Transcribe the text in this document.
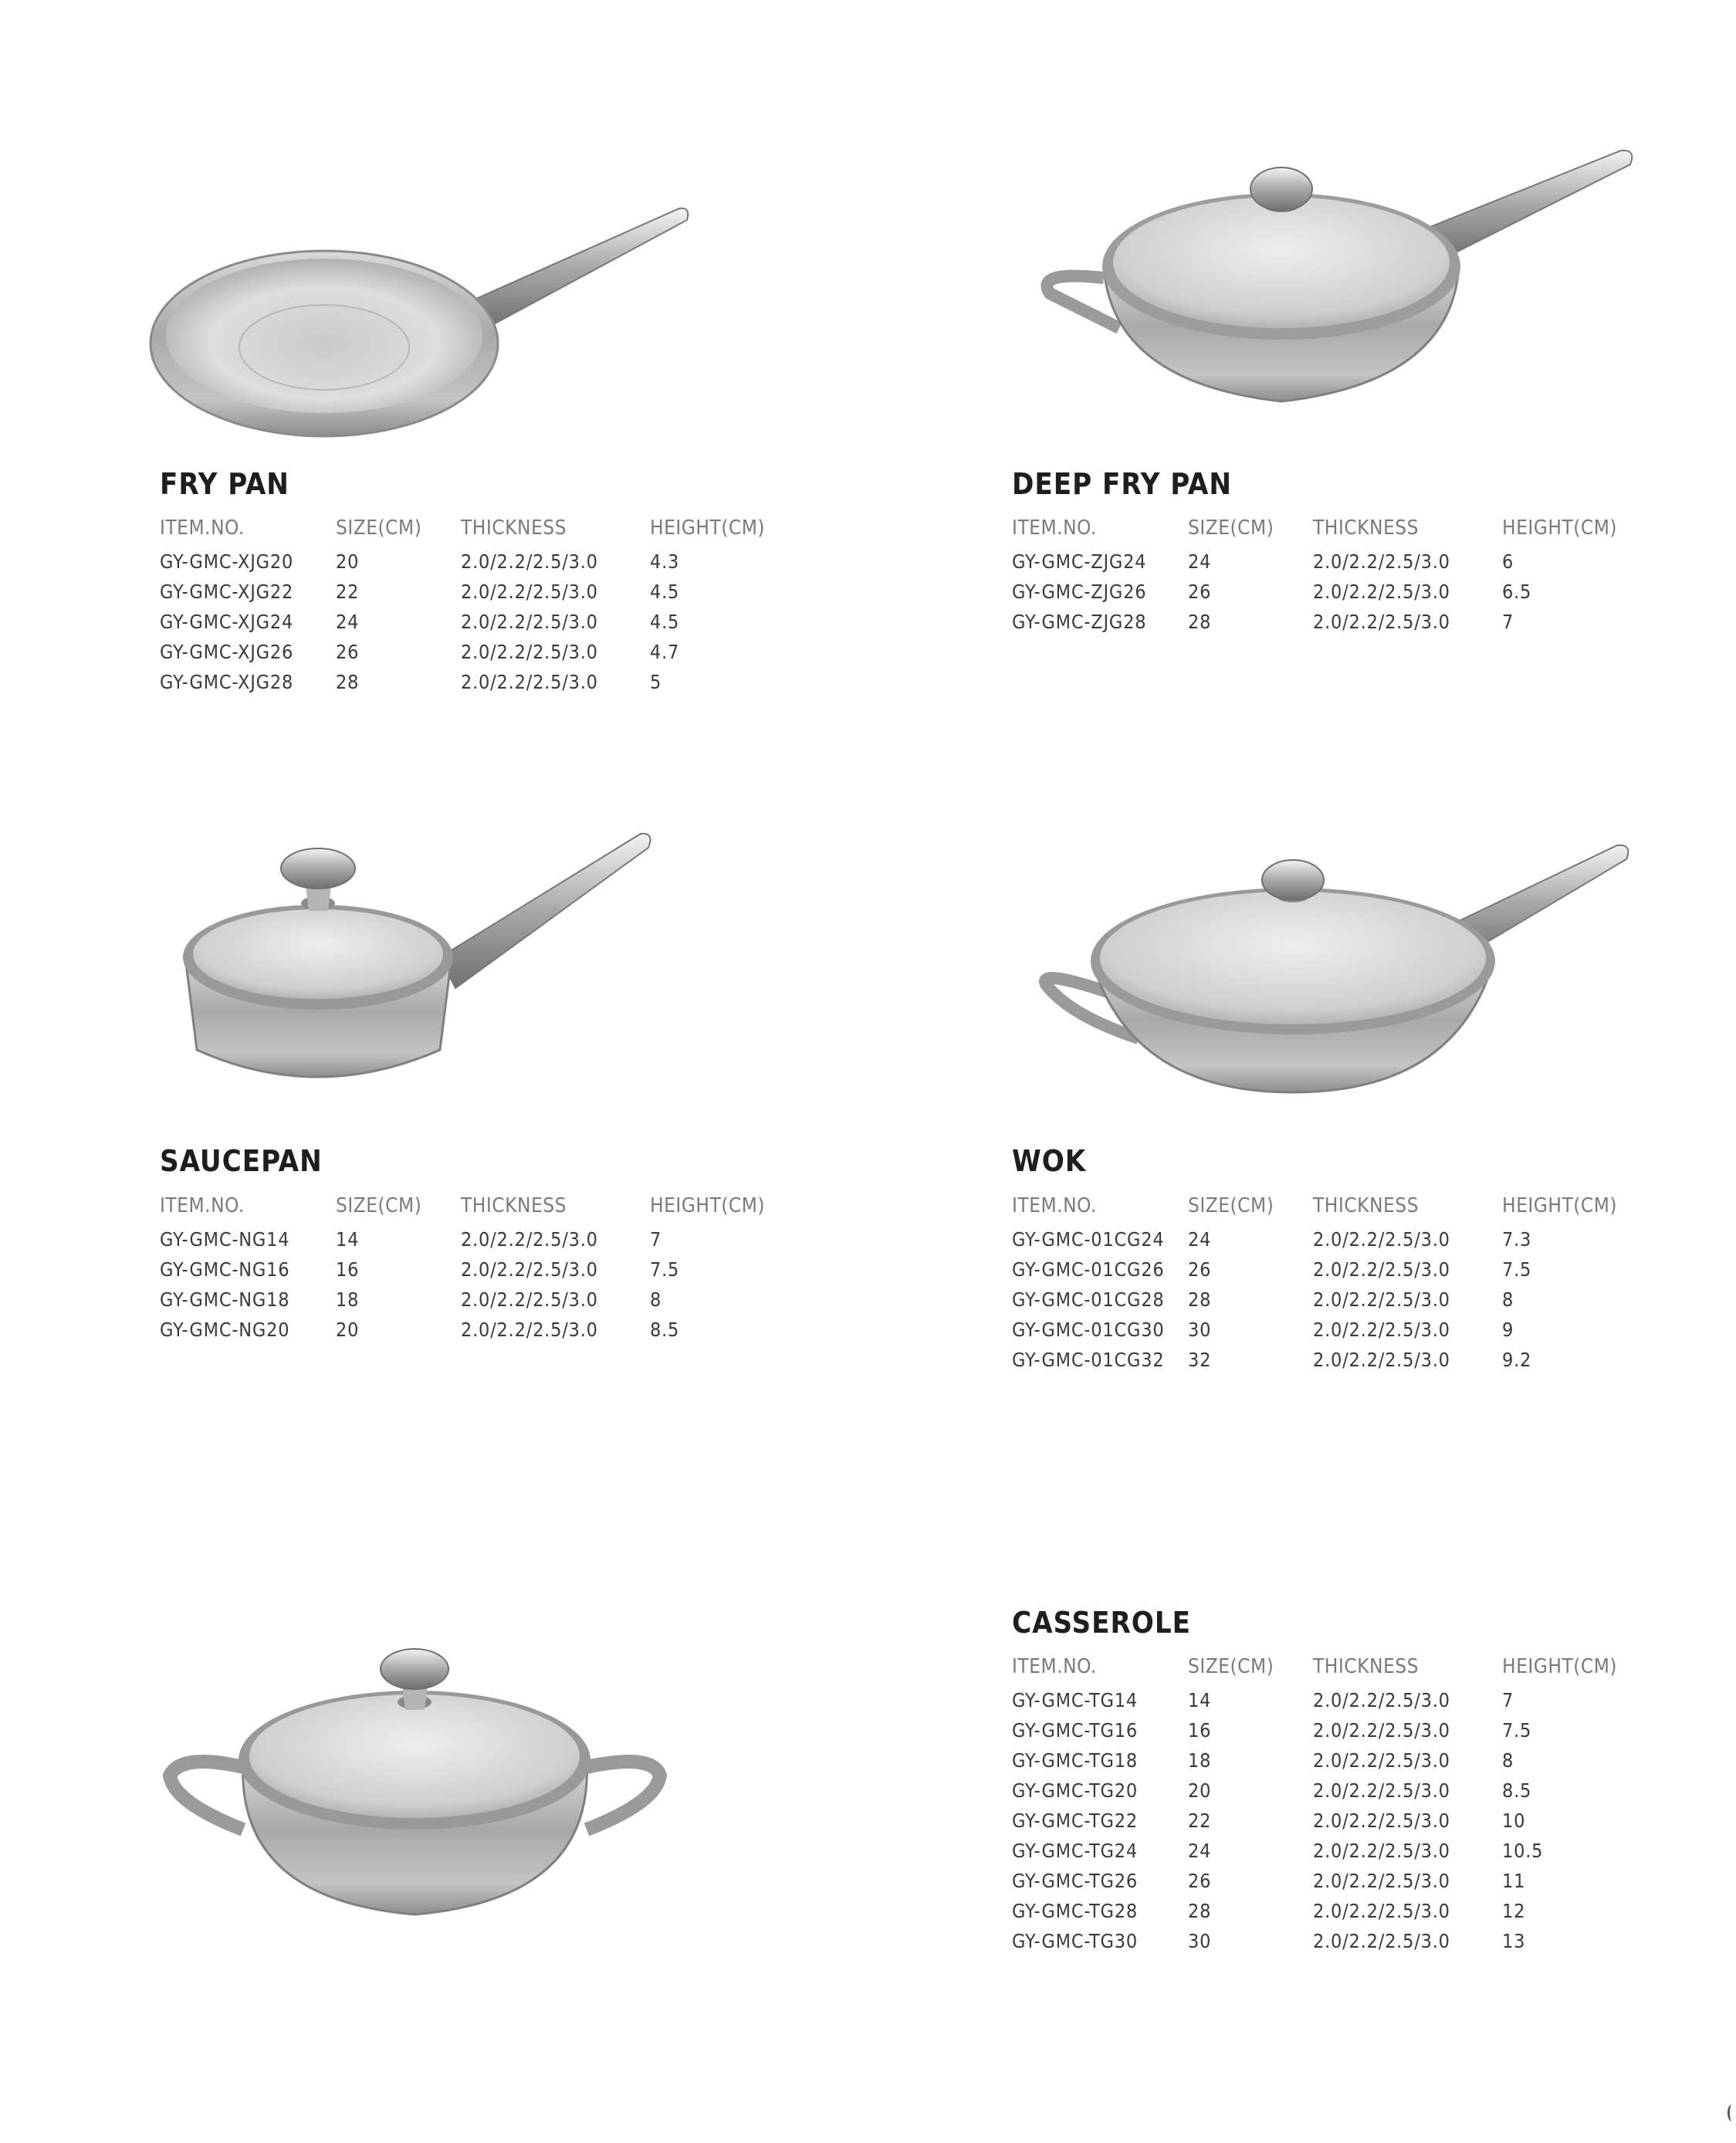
FRY PAN
ITEM.NO.	SIZE(CM)	THICKNESS	HEIGHT(CM)
GY-GMC-XJG20	20	2.0/2.2/2.5/3.0	4.3
GY-GMC-XJG22	22	2.0/2.2/2.5/3.0	4.5
GY-GMC-XJG24	24	2.0/2.2/2.5/3.0	4.5
GY-GMC-XJG26	26	2.0/2.2/2.5/3.0	4.7
GY-GMC-XJG28	28	2.0/2.2/2.5/3.0	5
DEEP FRY PAN
ITEM.NO.	SIZE(CM)	THICKNESS	HEIGHT(CM)
GY-GMC-ZJG24	24	2.0/2.2/2.5/3.0	6
GY-GMC-ZJG26	26	2.0/2.2/2.5/3.0	6.5
GY-GMC-ZJG28	28	2.0/2.2/2.5/3.0	7
SAUCEPAN
ITEM.NO.	SIZE(CM)	THICKNESS	HEIGHT(CM)
GY-GMC-NG14	14	2.0/2.2/2.5/3.0	7
GY-GMC-NG16	16	2.0/2.2/2.5/3.0	7.5
GY-GMC-NG18	18	2.0/2.2/2.5/3.0	8
GY-GMC-NG20	20	2.0/2.2/2.5/3.0	8.5
WOK
ITEM.NO.	SIZE(CM)	THICKNESS	HEIGHT(CM)
GY-GMC-01CG24	24	2.0/2.2/2.5/3.0	7.3
GY-GMC-01CG26	26	2.0/2.2/2.5/3.0	7.5
GY-GMC-01CG28	28	2.0/2.2/2.5/3.0	8
GY-GMC-01CG30	30	2.0/2.2/2.5/3.0	9
GY-GMC-01CG32	32	2.0/2.2/2.5/3.0	9.2
CASSEROLE
ITEM.NO.	SIZE(CM)	THICKNESS	HEIGHT(CM)
GY-GMC-TG14	14	2.0/2.2/2.5/3.0	7
GY-GMC-TG16	16	2.0/2.2/2.5/3.0	7.5
GY-GMC-TG18	18	2.0/2.2/2.5/3.0	8
GY-GMC-TG20	20	2.0/2.2/2.5/3.0	8.5
GY-GMC-TG22	22	2.0/2.2/2.5/3.0	10
GY-GMC-TG24	24	2.0/2.2/2.5/3.0	10.5
GY-GMC-TG26	26	2.0/2.2/2.5/3.0	11
GY-GMC-TG28	28	2.0/2.2/2.5/3.0	12
GY-GMC-TG30	30	2.0/2.2/2.5/3.0	13
